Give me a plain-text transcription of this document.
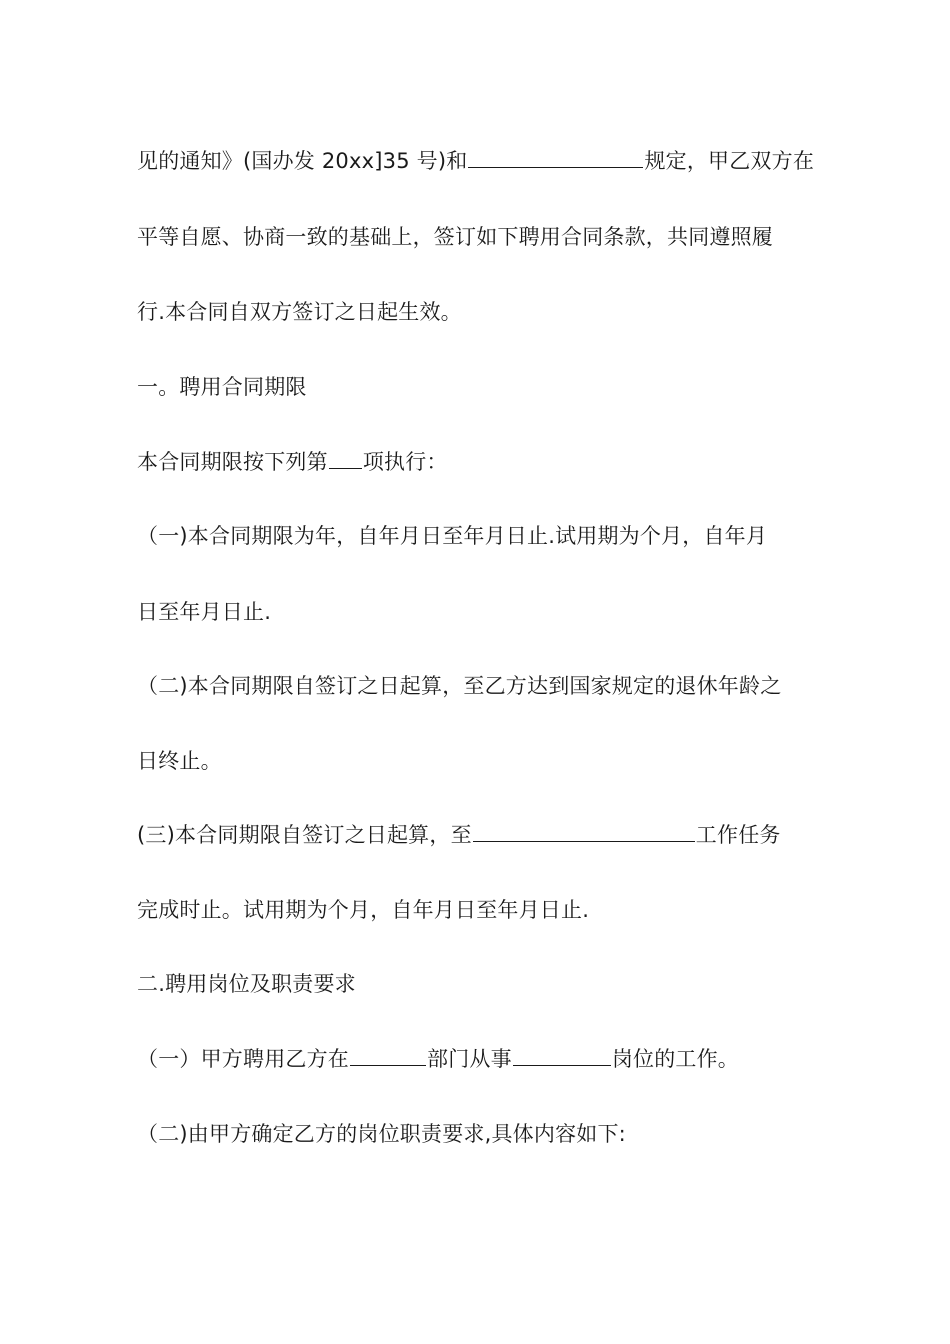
见的通知》(国办发 20xx]35 号)和	规定，甲乙双方在
平等自愿、协商一致的基础上，签订如下聘用合同条款，共同遵照履
行.本合同自双方签订之日起生效。
一。聘用合同期限
本合同期限按下列第 项执行：
（一)本合同期限为年，自年月日至年月日止.试用期为个月，自年月
日至年月日止.
（二)本合同期限自签订之日起算，至乙方达到国家规定的退休年龄之
日终止。
(三)本合同期限自签订之日起算，至	工作任务
完成时止。试用期为个月，自年月日至年月日止.
二.聘用岗位及职责要求
（一）甲方聘用乙方在	部门从事	岗位的工作。
（二)由甲方确定乙方的岗位职责要求,具体内容如下:
